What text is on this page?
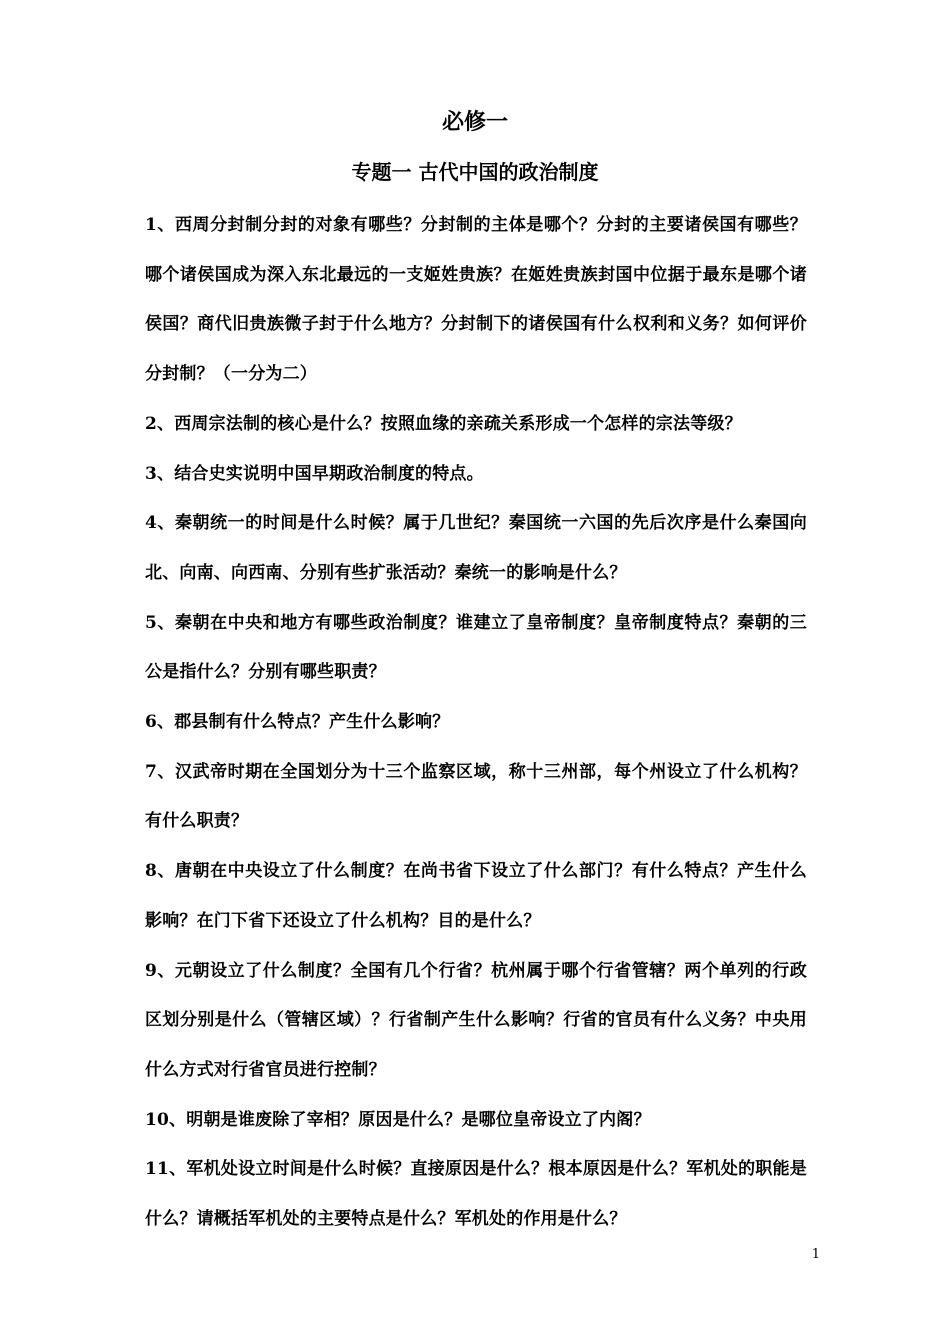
必修一
专题一 古代中国的政治制度

1、西周分封制分封的对象有哪些？分封制的主体是哪个？分封的主要诸侯国有哪些？哪个诸侯国成为深入东北最远的一支姬姓贵族？在姬姓贵族封国中位据于最东是哪个诸侯国？商代旧贵族微子封于什么地方？分封制下的诸侯国有什么权利和义务？如何评价分封制？（一分为二）

2、西周宗法制的核心是什么？按照血缘的亲疏关系形成一个怎样的宗法等级？

3、结合史实说明中国早期政治制度的特点。

4、秦朝统一的时间是什么时候？属于几世纪？秦国统一六国的先后次序是什么秦国向北、向南、向西南、分别有些扩张活动？秦统一的影响是什么？

5、秦朝在中央和地方有哪些政治制度？谁建立了皇帝制度？皇帝制度特点？秦朝的三公是指什么？分别有哪些职责？

6、郡县制有什么特点？产生什么影响？

7、汉武帝时期在全国划分为十三个监察区域，称十三州部，每个州设立了什么机构？有什么职责？

8、唐朝在中央设立了什么制度？在尚书省下设立了什么部门？有什么特点？产生什么影响？在门下省下还设立了什么机构？目的是什么？

9、元朝设立了什么制度？全国有几个行省？杭州属于哪个行省管辖？两个单列的行政区划分别是什么（管辖区域）？行省制产生什么影响？行省的官员有什么义务？中央用什么方式对行省官员进行控制？

10、明朝是谁废除了宰相？原因是什么？是哪位皇帝设立了内阁？

11、军机处设立时间是什么时候？直接原因是什么？根本原因是什么？军机处的职能是什么？请概括军机处的主要特点是什么？军机处的作用是什么？

1
